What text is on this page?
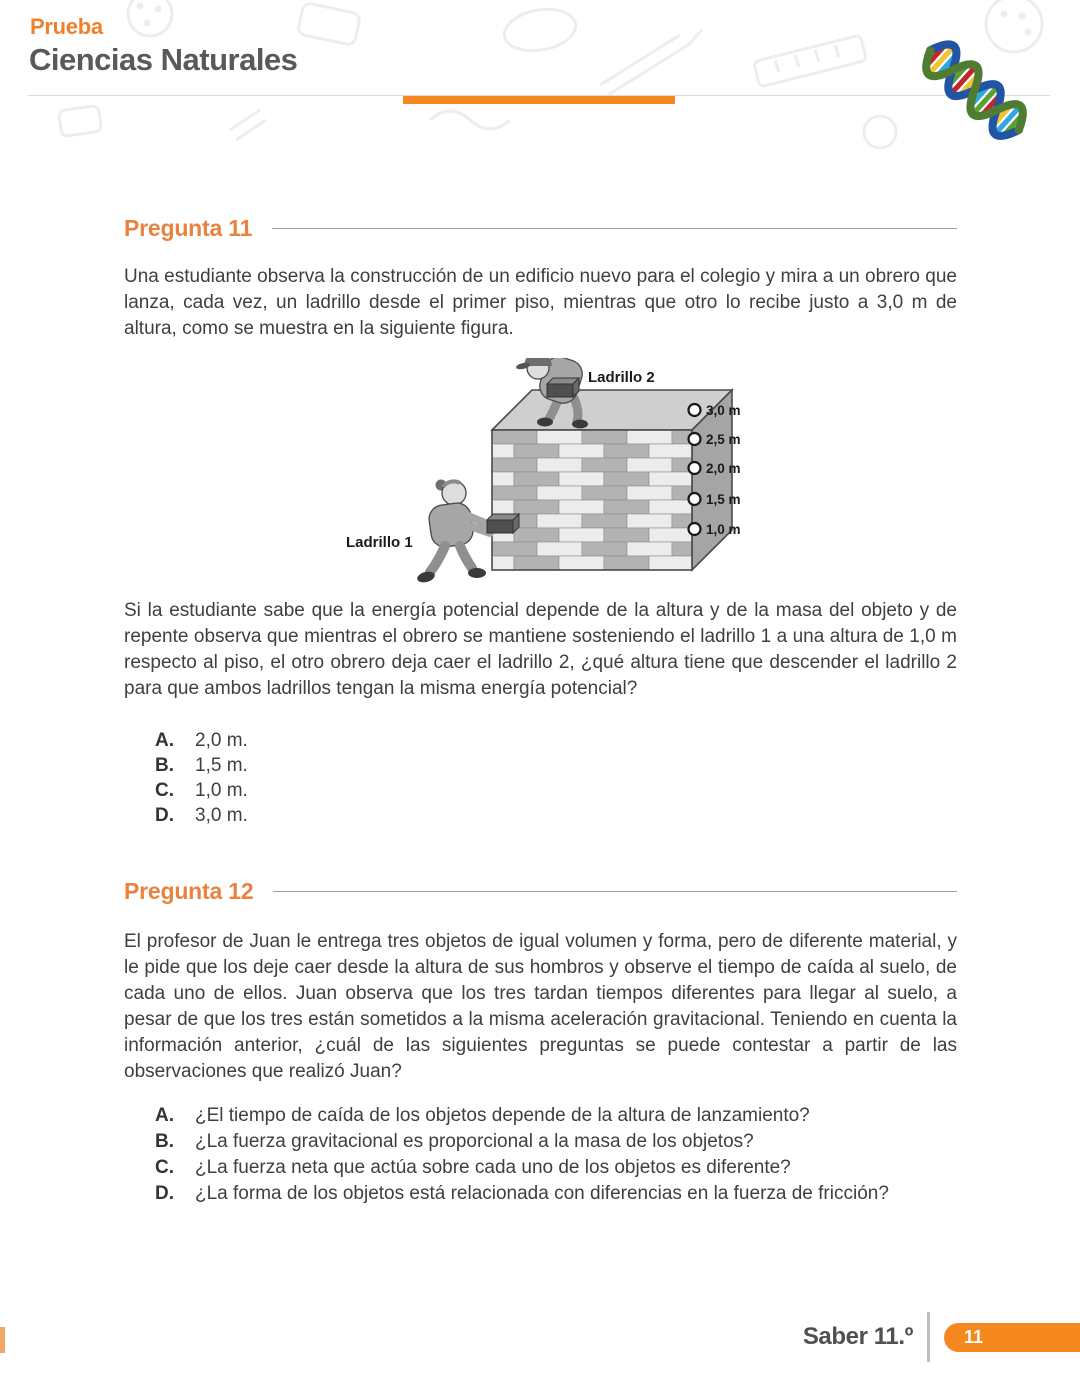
Prueba
Ciencias Naturales
Pregunta 11

Una estudiante observa la construcción de un edificio nuevo para el colegio y mira a un obrero que lanza, cada vez, un ladrillo desde el primer piso, mientras que otro lo recibe justo a 3,0 m de altura, como se muestra en la siguiente figura.

3,0 m
2,5 m
2,0 m
1,5 m
1,0 m
Ladrillo 2
Ladrillo 1

Si la estudiante sabe que la energía potencial depende de la altura y de la masa del objeto y de repente observa que mientras el obrero se mantiene sosteniendo el ladrillo 1 a una altura de 1,0 m respecto al piso, el otro obrero deja caer el ladrillo 2, ¿qué altura tiene que descender el ladrillo 2 para que ambos ladrillos tengan la misma energía potencial?

A.	2,0 m.
B.	1,5 m.
C.	1,0 m.
D.	3,0 m.
Pregunta 12

El profesor de Juan le entrega tres objetos de igual volumen y forma, pero de diferente material, y le pide que los deje caer desde la altura de sus hombros y observe el tiempo de caída al suelo, de cada uno de ellos. Juan observa que los tres tardan tiempos diferentes para llegar al suelo, a pesar de que los tres están sometidos a la misma aceleración gravitacional. Teniendo en cuenta la información anterior, ¿cuál de las siguientes preguntas se puede contestar a partir de las observaciones que realizó Juan?

A.	¿El tiempo de caída de los objetos depende de la altura de lanzamiento?
B.	¿La fuerza gravitacional es proporcional a la masa de los objetos?
C.	¿La fuerza neta que actúa sobre cada uno de los objetos es diferente?
D.	¿La forma de los objetos está relacionada con diferencias en la fuerza de fricción?
Saber 11.º	11
